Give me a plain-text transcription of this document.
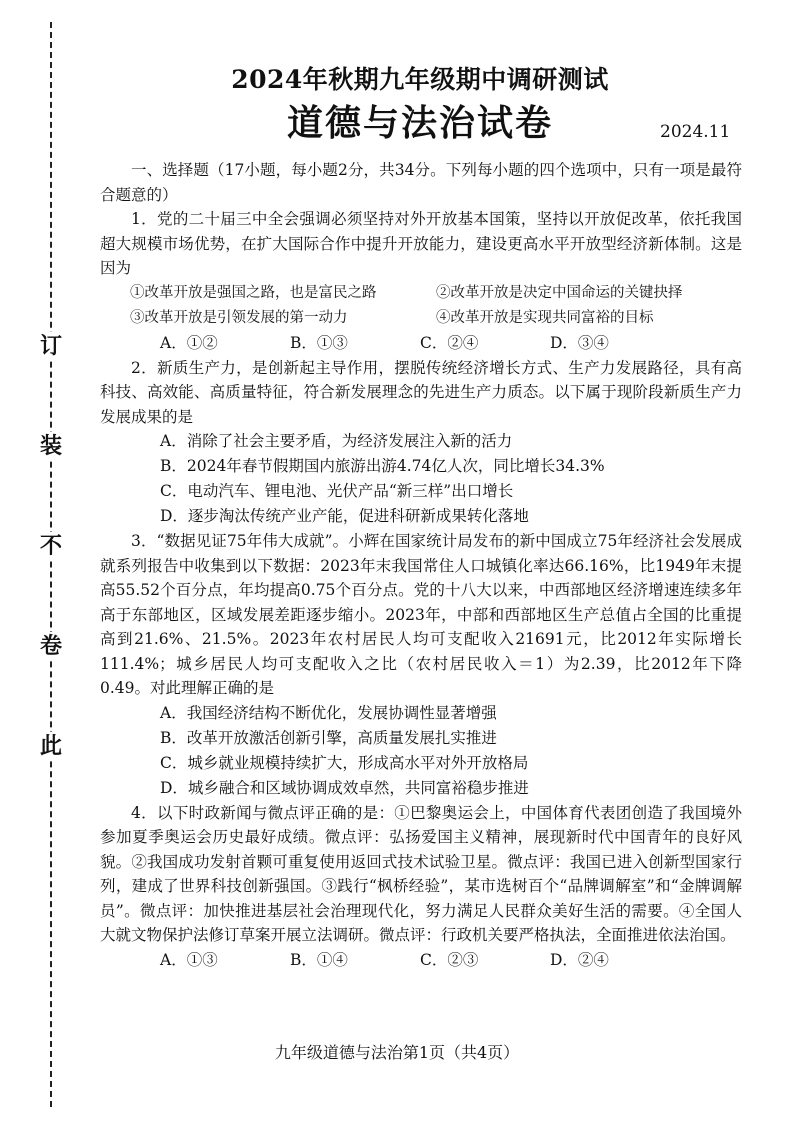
订
装
不
卷
此
2024年秋期九年级期中调研测试
道德与法治试卷	2024.11

一、选择题（17小题，每小题2分，共34分。下列每小题的四个选项中，只有一项是最符合题意的）

1．党的二十届三中全会强调必须坚持对外开放基本国策，坚持以开放促改革，依托我国超大规模市场优势，在扩大国际合作中提升开放能力，建设更高水平开放型经济新体制。这是因为

①改革开放是强国之路，也是富民之路	②改革开放是决定中国命运的关键抉择
③改革开放是引领发展的第一动力	④改革开放是实现共同富裕的目标
A．①②	B．①③	C．②④	D．③④

2．新质生产力，是创新起主导作用，摆脱传统经济增长方式、生产力发展路径，具有高科技、高效能、高质量特征，符合新发展理念的先进生产力质态。以下属于现阶段新质生产力发展成果的是

A．消除了社会主要矛盾，为经济发展注入新的活力
B．2024年春节假期国内旅游出游4.74亿人次，同比增长34.3%
C．电动汽车、锂电池、光伏产品“新三样”出口增长
D．逐步淘汰传统产业产能，促进科研新成果转化落地

3．“数据见证75年伟大成就”。小辉在国家统计局发布的新中国成立75年经济社会发展成就系列报告中收集到以下数据：2023年末我国常住人口城镇化率达66.16%，比1949年末提高55.52个百分点，年均提高0.75个百分点。党的十八大以来，中西部地区经济增速连续多年高于东部地区，区域发展差距逐步缩小。2023年，中部和西部地区生产总值占全国的比重提高到21.6%、21.5%。2023年农村居民人均可支配收入21691元，比2012年实际增长111.4%；城乡居民人均可支配收入之比（农村居民收入＝1）为2.39，比2012年下降0.49。对此理解正确的是

A．我国经济结构不断优化，发展协调性显著增强
B．改革开放激活创新引擎，高质量发展扎实推进
C．城乡就业规模持续扩大，形成高水平对外开放格局
D．城乡融合和区域协调成效卓然，共同富裕稳步推进

4．以下时政新闻与微点评正确的是：①巴黎奥运会上，中国体育代表团创造了我国境外参加夏季奥运会历史最好成绩。微点评：弘扬爱国主义精神，展现新时代中国青年的良好风貌。②我国成功发射首颗可重复使用返回式技术试验卫星。微点评：我国已进入创新型国家行列，建成了世界科技创新强国。③践行“枫桥经验”，某市选树百个“品牌调解室”和“金牌调解员”。微点评：加快推进基层社会治理现代化，努力满足人民群众美好生活的需要。④全国人大就文物保护法修订草案开展立法调研。微点评：行政机关要严格执法，全面推进依法治国。

A．①③	B．①④	C．②③	D．②④
九年级道德与法治第1页（共4页）
